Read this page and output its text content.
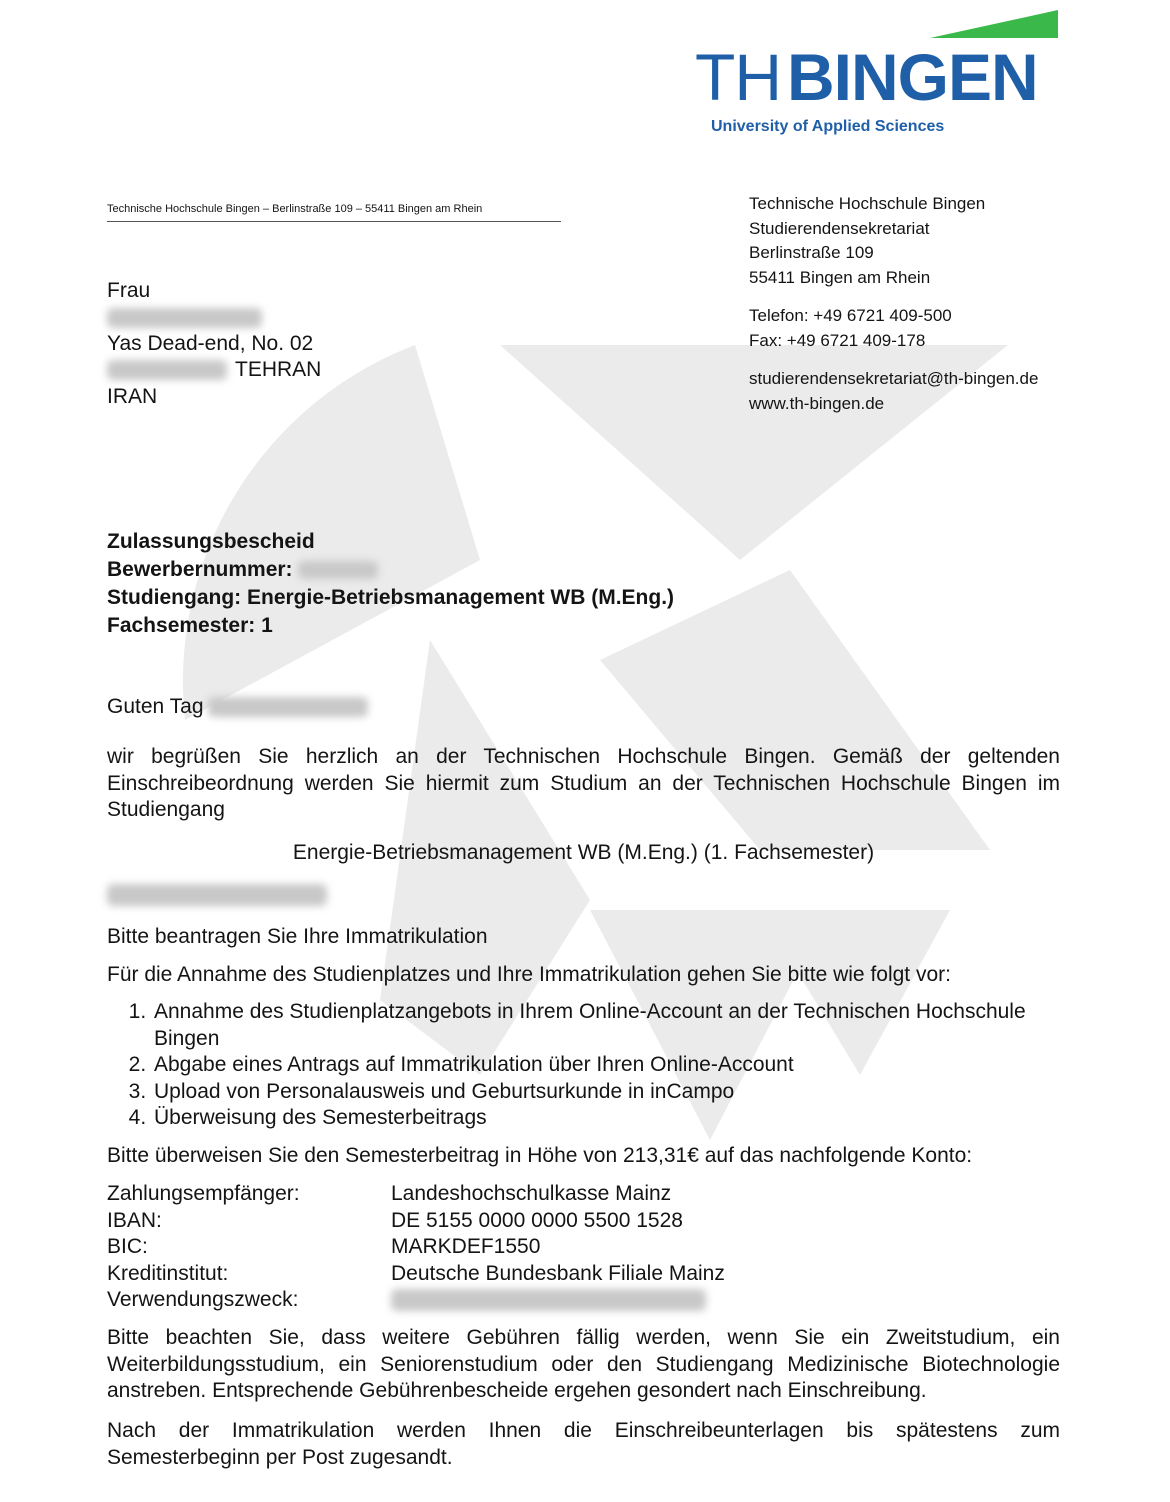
THBINGEN
University of Applied Sciences
Technische Hochschule Bingen – Berlinstraße 109 – 55411 Bingen am Rhein	Technische Hochschule Bingen
Studierendensekretariat
Berlinstraße 109
55411 Bingen am Rhein
Telefon: +49 6721 409-500
Fax: +49 6721 409-178
studierendensekretariat@th-bingen.de
www.th-bingen.de
Frau
Yas Dead-end, No. 02
TEHRAN
IRAN
Zulassungsbescheid
Bewerbernummer:
Studiengang: Energie-Betriebsmanagement WB (M.Eng.)
Fachsemester: 1
Guten Tag
wir begrüßen Sie herzlich an der Technischen Hochschule Bingen. Gemäß der geltenden Einschreibeordnung werden Sie hiermit zum Studium an der Technischen Hochschule Bingen im Studiengang
Energie-Betriebsmanagement WB (M.Eng.) (1. Fachsemester)
Bitte beantragen Sie Ihre Immatrikulation
Für die Annahme des Studienplatzes und Ihre Immatrikulation gehen Sie bitte wie folgt vor:
1. Annahme des Studienplatzangebots in Ihrem Online-Account an der Technischen Hochschule Bingen
2. Abgabe eines Antrags auf Immatrikulation über Ihren Online-Account
3. Upload von Personalausweis und Geburtsurkunde in inCampo
4. Überweisung des Semesterbeitrags
Bitte überweisen Sie den Semesterbeitrag in Höhe von 213,31€ auf das nachfolgende Konto:
Zahlungsempfänger:	Landeshochschulkasse Mainz
IBAN:	DE 5155 0000 0000 5500 1528
BIC:	MARKDEF1550
Kreditinstitut:	Deutsche Bundesbank Filiale Mainz
Verwendungszweck:
Bitte beachten Sie, dass weitere Gebühren fällig werden, wenn Sie ein Zweitstudium, ein Weiterbildungsstudium, ein Seniorenstudium oder den Studiengang Medizinische Biotechnologie anstreben. Entsprechende Gebührenbescheide ergehen gesondert nach Einschreibung.
Nach der Immatrikulation werden Ihnen die Einschreibeunterlagen bis spätestens zum Semesterbeginn per Post zugesandt.
